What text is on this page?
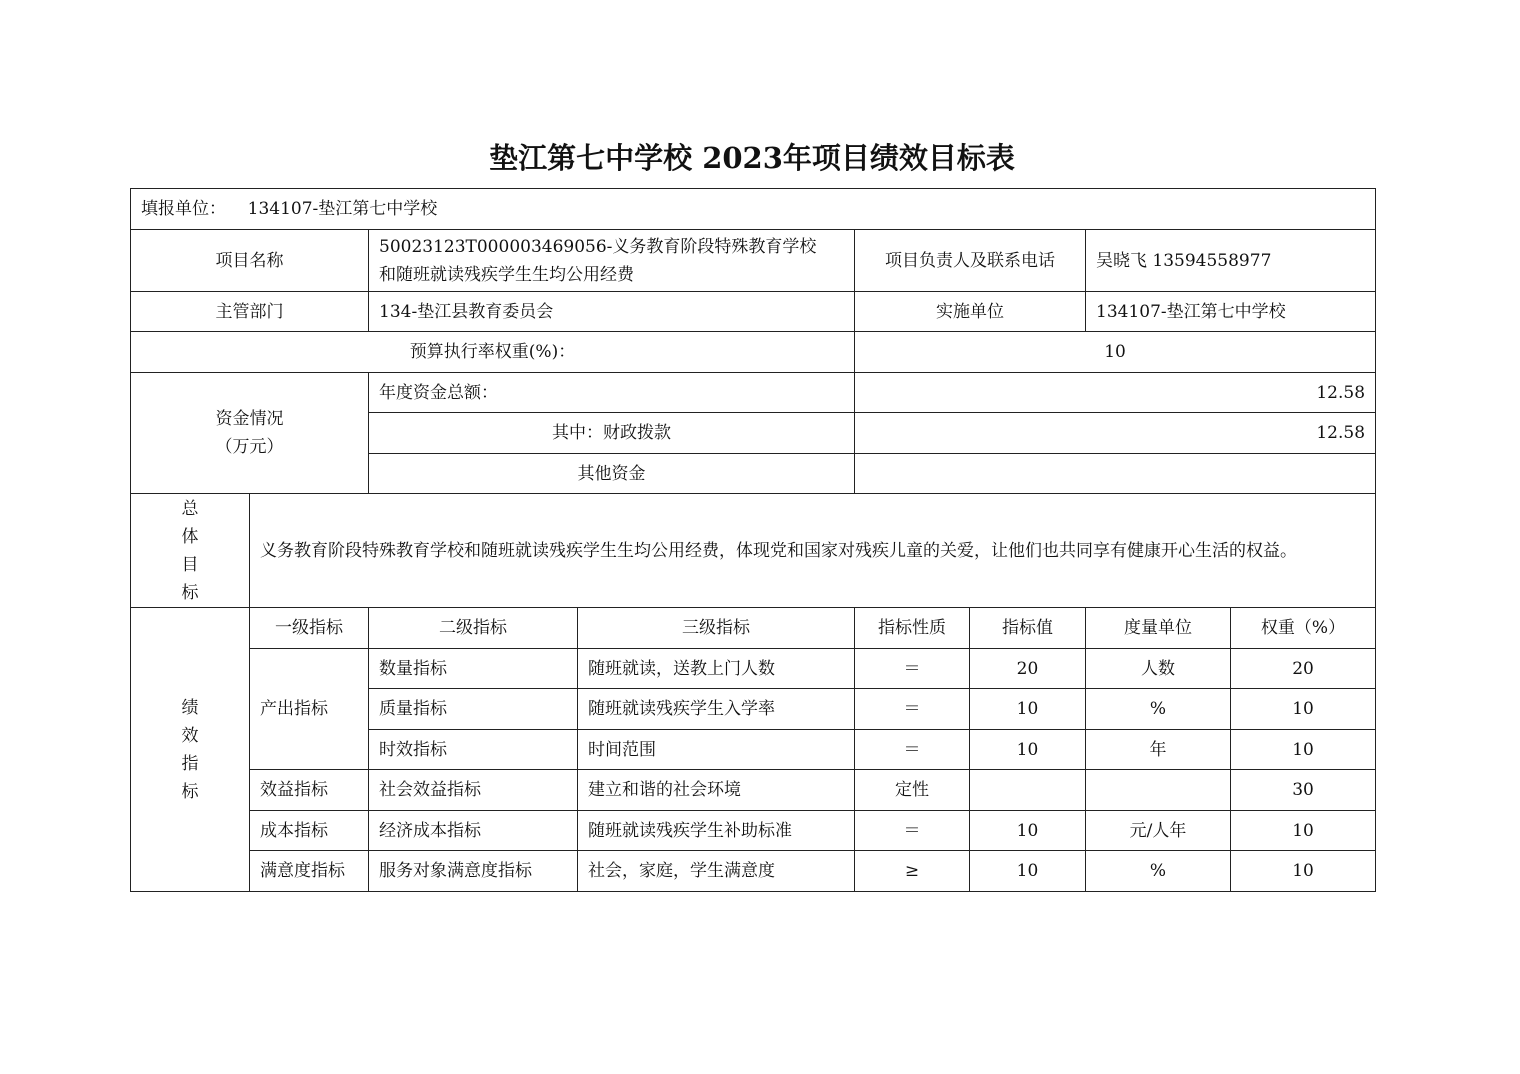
垫江第七中学校 2023年项目绩效目标表
填报单位： 134107-垫江第七中学校							
项目名称		50023123T000003469056-义务教育阶段特殊教育学校
和随班就读残疾学生生均公用经费		项目负责人及联系电话		吴晓飞 13594558977	
主管部门		134-垫江县教育委员会		实施单位		134107-垫江第七中学校	
预算执行率权重(%)：				10			

资金情况
（万元）		年度资金总额：		12.58			
		其中：财政拨款		12.58			
		其他资金					

总
体
目
标	义务教育阶段特殊教育学校和随班就读残疾学生生均公用经费，体现党和国家对残疾儿童的关爱，让他们也共同享有健康开心生活的权益。						

绩
效
指
标	一级指标	二级指标	三级指标	指标性质	指标值	度量单位	权重（%）
	产出指标	数量指标	随班就读，送教上门人数	＝	20	人数	20
		质量指标	随班就读残疾学生入学率	＝	10	%	10
		时效指标	时间范围	＝	10	年	10
	效益指标	社会效益指标	建立和谐的社会环境	定性			30
	成本指标	经济成本指标	随班就读残疾学生补助标准	＝	10	元/人年	10
	满意度指标	服务对象满意度指标	社会，家庭，学生满意度	≥	10	%	10
